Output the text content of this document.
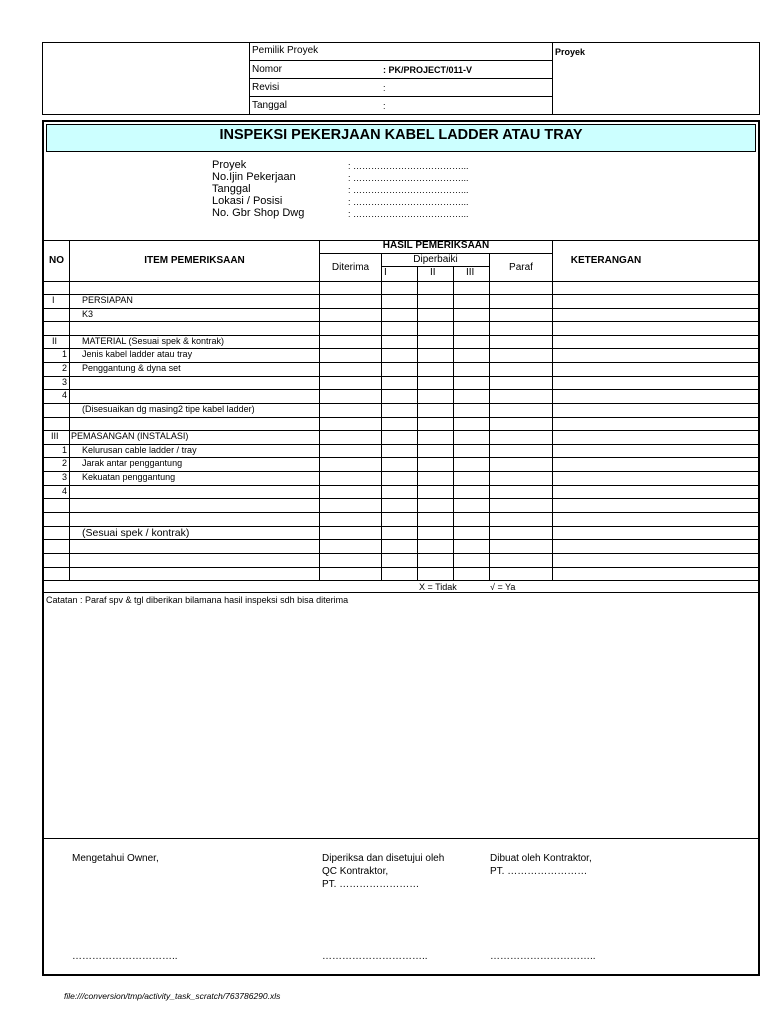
Pemilik Proyek
Nomor	: PK/PROJECT/011-V
Revisi	:
Tanggal	:
Proyek
INSPEKSI PEKERJAAN KABEL LADDER ATAU TRAY
Proyek	: ………………………………...
No.Ijin Pekerjaan	: ………………………………...
Tanggal	: ………………………………...
Lokasi / Posisi	: ………………………………...
No. Gbr Shop Dwg	: ………………………………...
NO	ITEM PEMERIKSAAN
HASIL PEMERIKSAAN
Diterima
Diperbaiki
I	II	III	Paraf
KETERANGAN
I	PERSIAPAN
K3
II	MATERIAL (Sesuai spek & kontrak)
1 Jenis kabel ladder atau tray
2 Penggantung & dyna set
3
4
(Disesuaikan dg masing2 tipe kabel ladder)
III	PEMASANGAN (INSTALASI)
1 Kelurusan cable ladder / tray
2 Jarak antar penggantung
3 Kekuatan penggantung
4
(Sesuai spek / kontrak)
X = Tidak	√ = Ya
Catatan : Paraf spv & tgl diberikan bilamana hasil inspeksi sdh bisa diterima
Mengetahui Owner,	Diperiksa dan disetujui oleh
QC Kontraktor,
PT. ……………………
Dibuat oleh Kontraktor,
PT. ……………………
…………………………..	…………………………..	…………………………..
file:///conversion/tmp/activity_task_scratch/763786290.xls
